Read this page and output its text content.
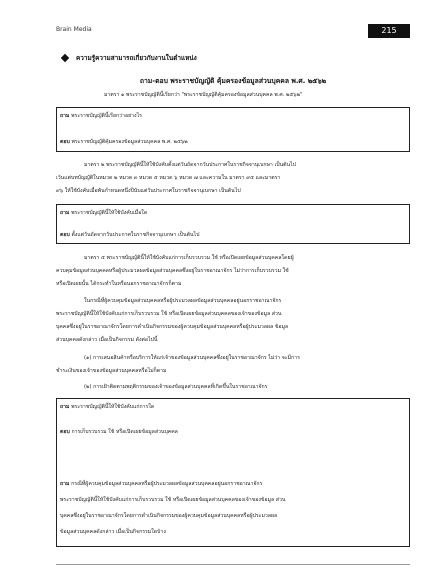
Brain Media	215
ความรู้ความสามารถเกี่ยวกับงานในตำแหน่ง
ถาม-ตอบ พระราชบัญญัติ คุ้มครองข้อมูลส่วนบุคคล พ.ศ. ๒๕๖๒
มาตรา ๑ พระราชบัญญัตินี้เรียกว่า "พระราชบัญญัติคุ้มครองข้อมูลส่วนบุคคล พ.ศ. ๒๕๖๒"
ถาม พระราชบัญญัตินี้เรียกว่าอย่างไร
ตอบ พระราชบัญญัติคุ้มครองข้อมูลส่วนบุคคล พ.ศ. ๒๕๖๒
มาตรา ๒ พระราชบัญญัตินี้ให้ใช้บังคับตั้งแต่วันถัดจากวันประกาศในราชกิจจานุเบกษา เป็นต้นไป
เว้นแต่บทบัญญัติในหมวด ๒ หมวด ๓ หมวด ๕ หมวด ๖ หมวด ๗ และความใน มาตรา ๙๕ และมาตรา
๙๖ ให้ใช้บังคับเมื่อพ้นกำหนดหนึ่งปีนับแต่วันประกาศในราชกิจจานุเบกษา เป็นต้นไป
ถาม พระราชบัญญัตินี้ให้ใช้บังคับเมื่อใด
ตอบ ตั้งแต่วันถัดจากวันประกาศในราชกิจจานุเบกษา เป็นต้นไป
มาตรา ๕ พระราชบัญญัตินี้ให้ใช้บังคับแก่การเก็บรวบรวม ใช้ หรือเปิดเผยข้อมูลส่วนบุคคลโดยผู้
ควบคุมข้อมูลส่วนบุคคลหรือผู้ประมวลผลข้อมูลส่วนบุคคลซึ่งอยู่ในราชอาณาจักร ไม่ว่าการเก็บรวบรวม ใช้
หรือเปิดเผยนั้น ได้กระทำในหรือนอกราชอาณาจักรก็ตาม
ในกรณีที่ผู้ควบคุมข้อมูลส่วนบุคคลหรือผู้ประมวลผลข้อมูลส่วนบุคคลอยู่นอกราชอาณาจักร
พระราชบัญญัตินี้ให้ใช้บังคับแก่การเก็บรวบรวม ใช้ หรือเปิดเผยข้อมูลส่วนบุคคลของเจ้าของข้อมูล ส่วน
บุคคลซึ่งอยู่ในราชอาณาจักรโดยการดำเนินกิจกรรมของผู้ควบคุมข้อมูลส่วนบุคคลหรือผู้ประมวลผล ข้อมูล
ส่วนบุคคลดังกล่าว เมื่อเป็นกิจกรรม ดังต่อไปนี้
(๑) การเสนอสินค้าหรือบริการให้แก่เจ้าของข้อมูลส่วนบุคคลซึ่งอยู่ในราชอาณาจักร ไม่ว่า จะมีการ
ชำระเงินของเจ้าของข้อมูลส่วนบุคคลหรือไม่ก็ตาม
(๒) การเฝ้าติดตามพฤติกรรมของเจ้าของข้อมูลส่วนบุคคลที่เกิดขึ้นในราชอาณาจักร
ถาม พระราชบัญญัตินี้ให้ใช้บังคับแก่การใด
ตอบ การเก็บรวบรวม ใช้ หรือเปิดเผยข้อมูลส่วนบุคคล
ถาม กรณีที่ผู้ควบคุมข้อมูลส่วนบุคคลหรือผู้ประมวลผลข้อมูลส่วนบุคคลอยู่นอกราชอาณาจักร
พระราชบัญญัตินี้ให้ใช้บังคับแก่การเก็บรวบรวม ใช้ หรือเปิดเผยข้อมูลส่วนบุคคลของเจ้าของข้อมูล ส่วน
บุคคลซึ่งอยู่ในราชอาณาจักรโดยการดำเนินกิจกรรมของผู้ควบคุมข้อมูลส่วนบุคคลหรือผู้ประมวลผล
ข้อมูลส่วนบุคคลดังกล่าว เมื่อเป็นกิจกรรมใดบ้าง
